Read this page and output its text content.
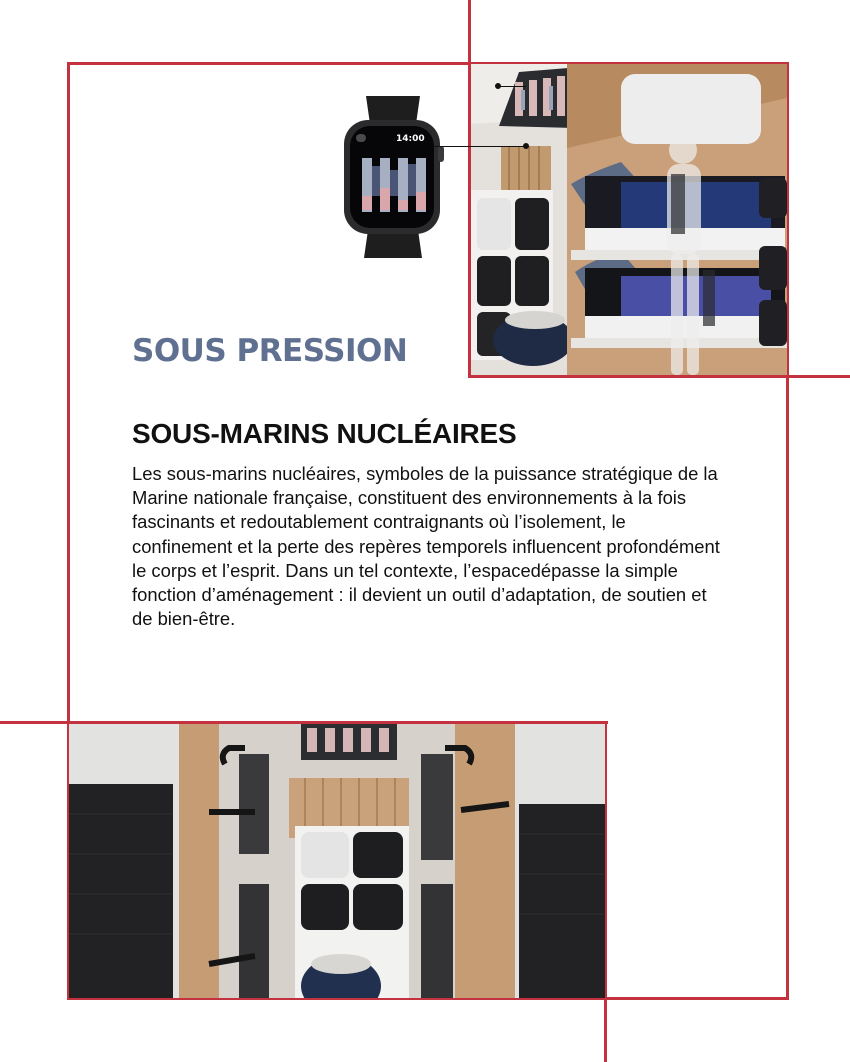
14:00
SOUS PRESSION
SOUS-MARINS NUCLÉAIRES

Les sous-marins nucléaires, symboles de la puissance stratégique de la Marine nationale française, constituent des environnements à la fois fascinants et redoutablement contraignants où l’isolement, le confinement et la perte des repères temporels influencent profondément le corps et l’esprit. Dans un tel contexte, l’espacedépasse la simple fonction d’aménagement : il devient un outil d’adaptation, de soutien et de bien-être.
